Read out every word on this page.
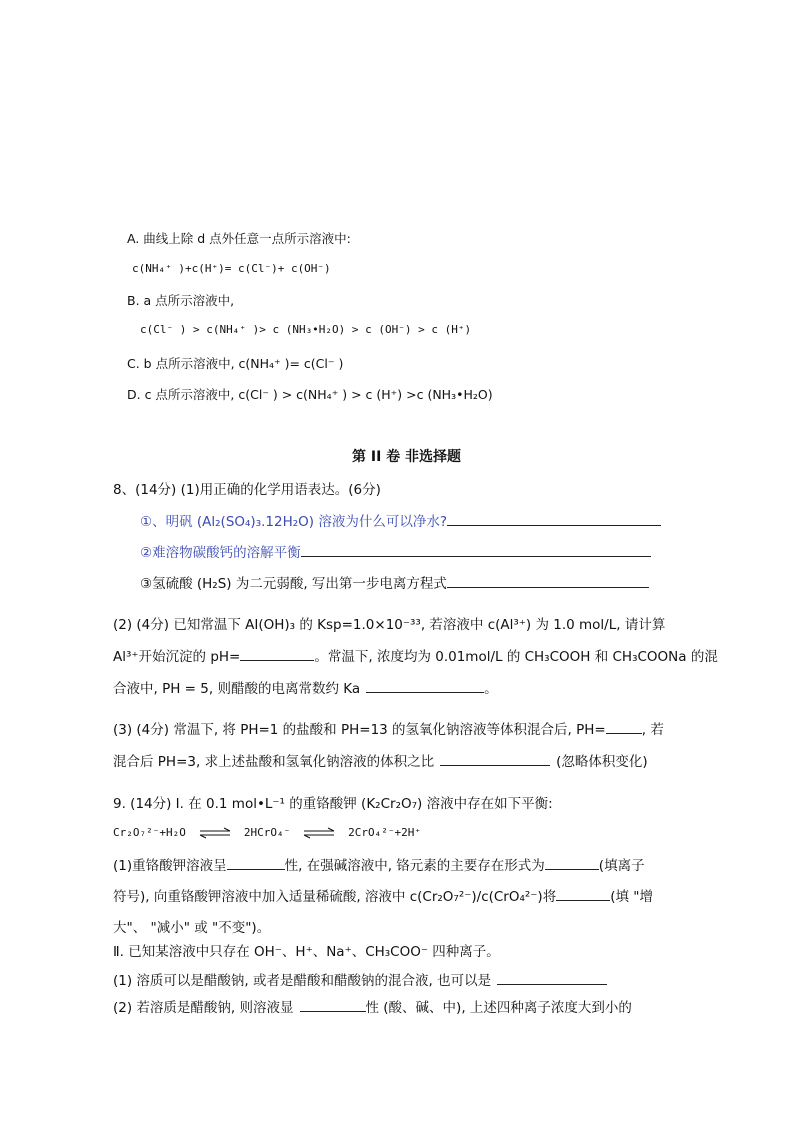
A. 曲线上除 d 点外任意一点所示溶液中:
c(NH₄⁺ )+c(H⁺)= c(Cl⁻)+ c(OH⁻)
B. a 点所示溶液中,
c(Cl⁻ ) > c(NH₄⁺ )> c (NH₃•H₂O) > c (OH⁻) > c (H⁺)
C. b 点所示溶液中, c(NH₄⁺ )= c(Cl⁻ )
D. c 点所示溶液中, c(Cl⁻ ) > c(NH₄⁺ ) > c (H⁺) >c (NH₃•H₂O)
第 II 卷 非选择题
8、(14分) (1)用正确的化学用语表达。(6分)
①、明矾 (Al₂(SO₄)₃.12H₂O) 溶液为什么可以净水?
②难溶物碳酸钙的溶解平衡
③氢硫酸 (H₂S) 为二元弱酸, 写出第一步电离方程式
(2) (4分) 已知常温下 AI(OH)₃ 的 Ksp=1.0×10⁻³³, 若溶液中 c(Al³⁺) 为 1.0 mol/L, 请计算
Al³⁺开始沉淀的 pH=	。常温下, 浓度均为 0.01mol/L 的 CH₃COOH 和 CH₃COONa 的混
合液中, PH = 5, 则醋酸的电离常数约 Ka	。
(3) (4分) 常温下, 将 PH=1 的盐酸和 PH=13 的氢氧化钠溶液等体积混合后, PH=	, 若
混合后 PH=3, 求上述盐酸和氢氧化钠溶液的体积之比	(忽略体积变化)
9. (14分) Ⅰ. 在 0.1 mol•L⁻¹ 的重铬酸钾 (K₂Cr₂O₇) 溶液中存在如下平衡:
Cr₂O₇²⁻+H₂O ⇌ 2HCrO₄⁻ ⇌ 2CrO₄²⁻+2H⁺
(1)重铬酸钾溶液呈	性, 在强碱溶液中, 铬元素的主要存在形式为	(填离子
符号), 向重铬酸钾溶液中加入适量稀硫酸, 溶液中 c(Cr₂O₇²⁻)/c(CrO₄²⁻)将	(填 "增
大"、 "减小" 或 "不变")。
Ⅱ. 已知某溶液中只存在 OH⁻、H⁺、Na⁺、CH₃COO⁻ 四种离子。
(1) 溶质可以是醋酸钠, 或者是醋酸和醋酸钠的混合液, 也可以是
(2) 若溶质是醋酸钠, 则溶液显	性 (酸、碱、中), 上述四种离子浓度大到小的
